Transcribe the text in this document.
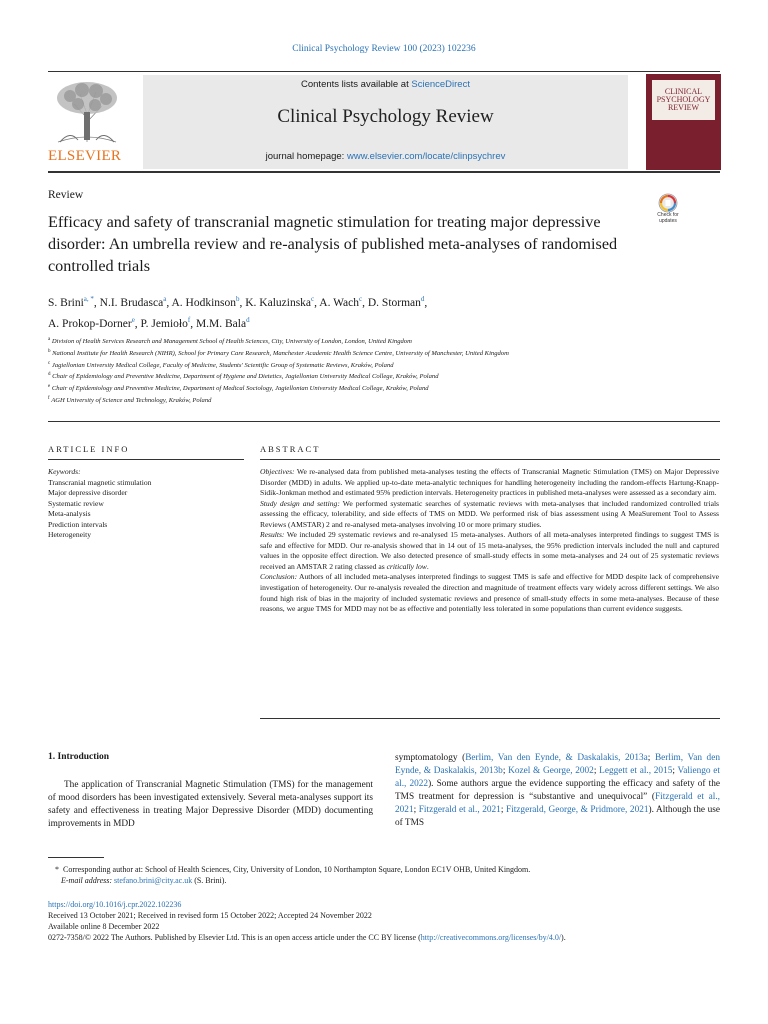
Clinical Psychology Review 100 (2023) 102236
ELSEVIER
Contents lists available at ScienceDirect
Clinical Psychology Review
journal homepage: www.elsevier.com/locate/clinpsychrev
CLINICAL
PSYCHOLOGY
REVIEW
Review
Efficacy and safety of transcranial magnetic stimulation for treating major depressive disorder: An umbrella review and re-analysis of published meta-analyses of randomised controlled trials
Check for updates
S. Brini$^{a, *}$, N.I. Brudasca$^a$, A. Hodkinson$^b$, K. Kaluzinska$^c$, A. Wach$^c$, D. Storman$^d$,
A. Prokop-Dorner$^e$, P. Jemioło$^f$, M.M. Bala$^d$
$^a$ Division of Health Services Research and Management School of Health Sciences, City, University of London, London, United Kingdom
$^b$ National Institute for Health Research (NIHR), School for Primary Care Research, Manchester Academic Health Science Centre, University of Manchester, United Kingdom
$^c$ Jagiellonian University Medical College, Faculty of Medicine, Students' Scientific Group of Systematic Reviews, Kraków, Poland
$^d$ Chair of Epidemiology and Preventive Medicine, Department of Hygiene and Dietetics, Jagiellonian University Medical College, Kraków, Poland
$^e$ Chair of Epidemiology and Preventive Medicine, Department of Medical Sociology, Jagiellonian University Medical College, Kraków, Poland
$^f$ AGH University of Science and Technology, Kraków, Poland
ARTICLE INFO	ABSTRACT
Keywords:
Transcranial magnetic stimulation
Major depressive disorder
Systematic review
Meta-analysis
Prediction intervals
Heterogeneity

Objectives: We re-analysed data from published meta-analyses testing the effects of Transcranial Magnetic Stimulation (TMS) on Major Depressive Disorder (MDD) in adults. We applied up-to-date meta-analytic techniques for handling heterogeneity including the random-effects Hartung-Knapp-Sidik-Jonkman method and estimated 95% prediction intervals. Heterogeneity practices in published meta-analyses were assessed as a secondary aim.

Study design and setting: We performed systematic searches of systematic reviews with meta-analyses that included randomized controlled trials assessing the efficacy, tolerability, and side effects of TMS on MDD. We performed risk of bias assessment using A MeaSurement Tool to Assess Reviews (AMSTAR) 2 and re-analysed meta-analyses involving 10 or more primary studies.

Results: We included 29 systematic reviews and re-analysed 15 meta-analyses. Authors of all meta-analyses interpreted findings to suggest TMS is safe and effective for MDD. Our re-analysis showed that in 14 out of 15 meta-analyses, the 95% prediction intervals included the null and captured values in the opposite effect direction. We also detected presence of small-study effects in some meta-analyses and 24 out of 25 systematic reviews received an AMSTAR 2 rating classed as critically low.

Conclusion: Authors of all included meta-analyses interpreted findings to suggest TMS is safe and effective for MDD despite lack of comprehensive investigation of heterogeneity. Our re-analysis revealed the direction and magnitude of treatment effects vary widely across different settings. We also found high risk of bias in the majority of included systematic reviews and presence of small-study effects in some meta-analyses. Because of these reasons, we argue TMS for MDD may not be as effective and potentially less tolerated in some populations than current evidence suggests.

1. Introduction

The application of Transcranial Magnetic Stimulation (TMS) for the management of mood disorders has been investigated extensively. Several meta-analyses support its safety and effectiveness in treating Major Depressive Disorder (MDD) documenting improvements in MDD

symptomatology (Berlim, Van den Eynde, & Daskalakis, 2013a; Berlim, Van den Eynde, & Daskalakis, 2013b; Kozel & George, 2002; Leggett et al., 2015; Valiengo et al., 2022). Some authors argue the evidence supporting the efficacy and safety of the TMS treatment for depression is “substantive and unequivocal” (Fitzgerald et al., 2021; Fitzgerald et al., 2021; Fitzgerald, George, & Pridmore, 2021). Although the use of TMS

* Corresponding author at: School of Health Sciences, City, University of London, 10 Northampton Square, London EC1V OHB, United Kingdom.
E-mail address: stefano.brini@city.ac.uk (S. Brini).
https://doi.org/10.1016/j.cpr.2022.102236
Received 13 October 2021; Received in revised form 15 October 2022; Accepted 24 November 2022
Available online 8 December 2022
0272-7358/© 2022 The Authors. Published by Elsevier Ltd. This is an open access article under the CC BY license (http://creativecommons.org/licenses/by/4.0/).
